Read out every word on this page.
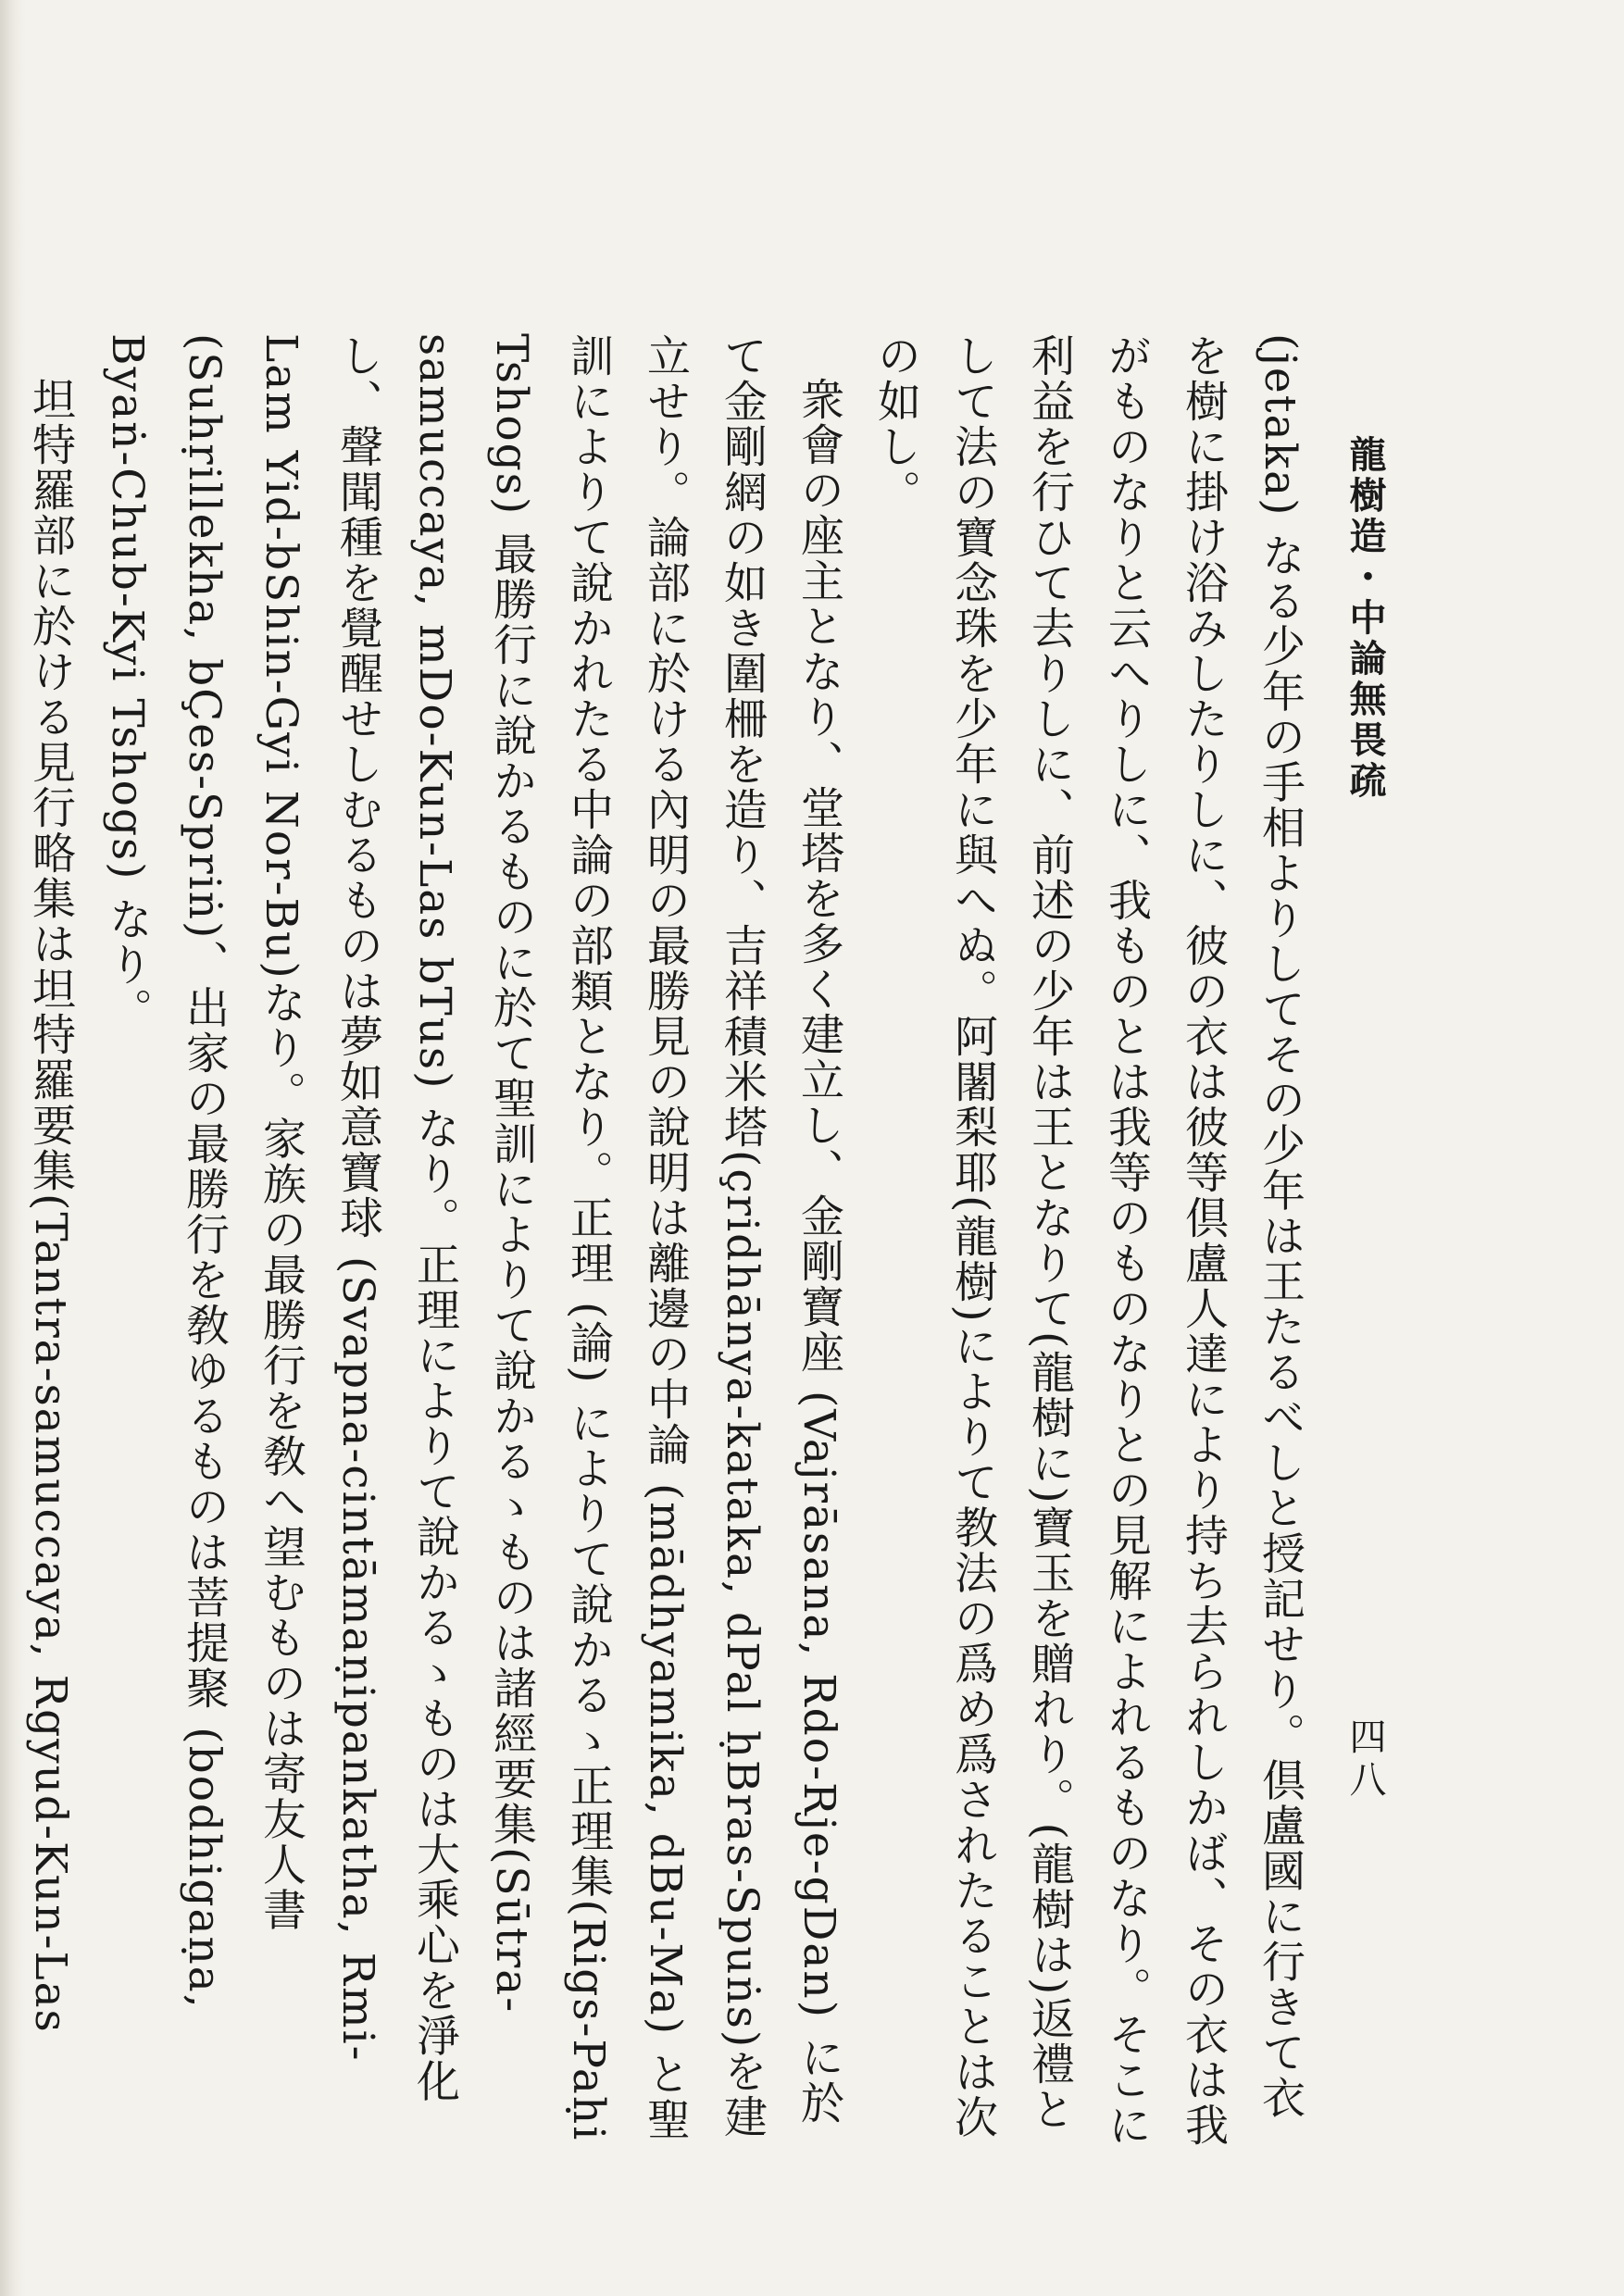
龍樹造・中論無畏疏
四八

(jetaka) なる少年の手相よりしてその少年は王たるべしと授記せり。倶盧國に行きて衣を樹に掛け浴みしたりしに、彼の衣は彼等倶盧人達により持ち去られしかば、その衣は我がものなりと云へりしに、我ものとは我等のものなりとの見解によれるものなり。そこに利益を行ひて去りしに、前述の少年は王となりて(龍樹に)寶玉を贈れり。(龍樹は)返禮として法の寶念珠を少年に與へぬ。阿闍梨耶(龍樹)によりて教法の爲め爲されたることは次の如し。

衆會の座主となり、堂塔を多く建立し、金剛寶座 (Vajrāsana, Rdo-Rje-gDan) に於て金剛網の如き圍柵を造り、吉祥積米塔(çridhānya-kataka, dPal ḥBras-Spuṅs)を建立せり。論部に於ける內明の最勝見の說明は離邊の中論 (mādhyamika, dBu-Ma) と聖訓によりて說かれたる中論の部類となり。正理 (論) によりて說かるゝ正理集(Rigs-Paḥi Tshogs) 最勝行に說かるものに於て聖訓によりて說かるゝものは諸經要集(Sūtra-samuccaya, mDo-Kun-Las bTus) なり。正理によりて說かるゝものは大乘心を淨化し、聲聞種を覺醒せしむるものは夢如意寶球 (Svapna-cintāmaṇipankatha, Rmi-Lam Yid-bShin-Gyi Nor-Bu)なり。家族の最勝行を敎へ望むものは寄友人書(Suhṛillekha, bÇes-Spriṅ)、出家の最勝行を敎ゆるものは菩提聚 (bodhigaṇa, Byaṅ-Chub-Kyi Tshogs) なり。

坦特羅部に於ける見行略集は坦特羅要集(Tantra-samuccaya, Rgyud-Kun-Las
